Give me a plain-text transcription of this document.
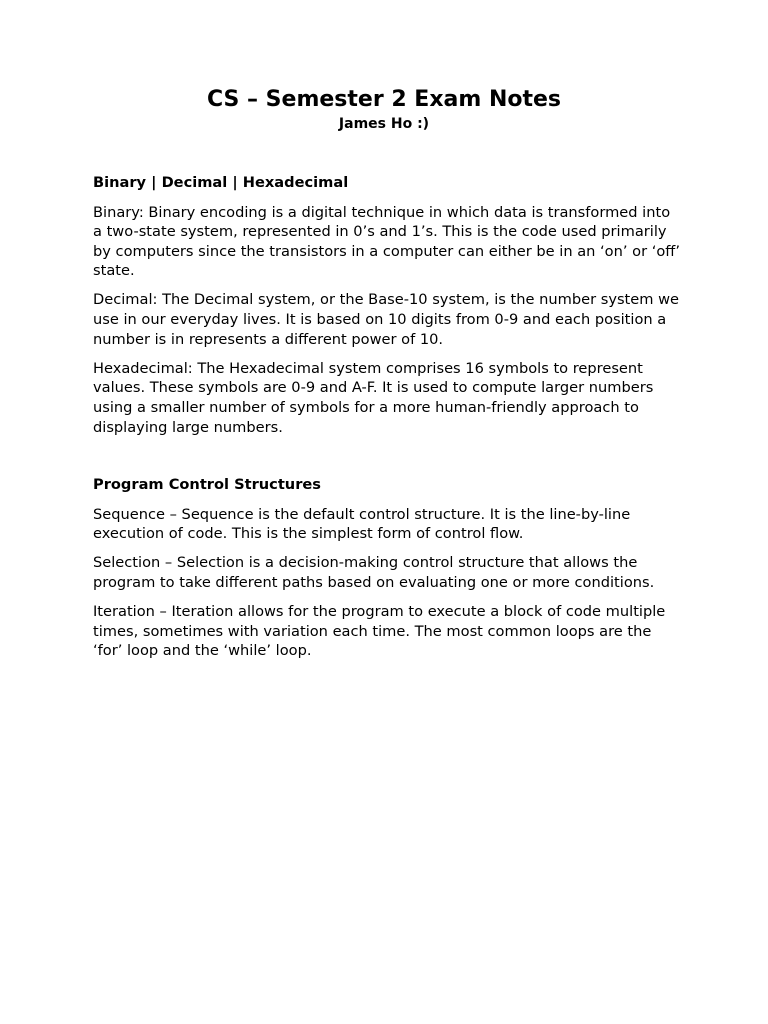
CS – Semester 2 Exam Notes
James Ho :)
Binary | Decimal | Hexadecimal

Binary: Binary encoding is a digital technique in which data is transformed into a two-state system, represented in 0’s and 1’s. This is the code used primarily by computers since the transistors in a computer can either be in an ‘on’ or ‘off’ state.

Decimal: The Decimal system, or the Base-10 system, is the number system we use in our everyday lives. It is based on 10 digits from 0-9 and each position a number is in represents a different power of 10.

Hexadecimal: The Hexadecimal system comprises 16 symbols to represent values. These symbols are 0-9 and A-F. It is used to compute larger numbers using a smaller number of symbols for a more human-friendly approach to displaying large numbers.

Program Control Structures

Sequence – Sequence is the default control structure. It is the line-by-line execution of code. This is the simplest form of control flow.

Selection – Selection is a decision-making control structure that allows the program to take different paths based on evaluating one or more conditions.

Iteration – Iteration allows for the program to execute a block of code multiple times, sometimes with variation each time. The most common loops are the ‘for’ loop and the ‘while’ loop.
